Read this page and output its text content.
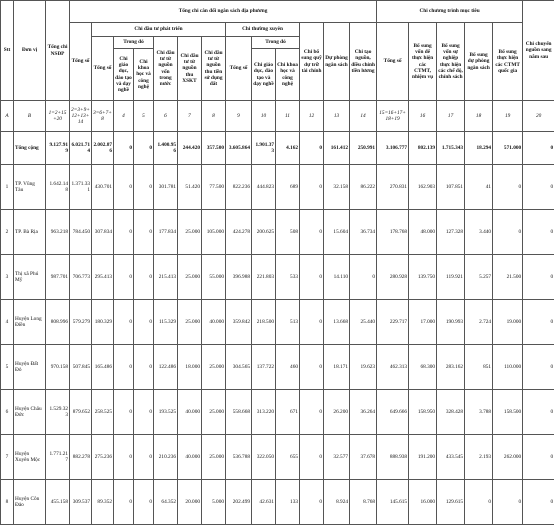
Stt	Đơn vị	Tổng chi NSĐP	Tổng chi cân đối ngân sách địa phương													Chi chương trình mục tiêu					Chi chuyển nguồn sang năm sau
			Tổng số	Chi đầu tư phát triển						Chi thường xuyên			Chi bổ sung quỹ dự trữ tài chính	Dự phòng ngân sách	Chi tạo nguồn, điều chỉnh tiền lương	Tổng số	Bổ sung vốn để thực hiện các CTMT, nhiệm vụ	Bổ sung vốn sự nghiệp thực hiện các chế độ, chính sách	Bổ sung dự phòng ngân sách	Bổ sung thực hiện các CTMT quốc gia	
				Tổng số	Trong đó		Chi đầu tư từ nguồn vốn trong nước	Chi đầu tư từ nguồn thu XSKT	Chi đầu tư từ nguồn thu tiền sử dụng đất	Tổng số	Trong đó										
					Chi giáo dục, đào tạo và dạy nghề	Chi khoa học và công nghệ					Chi giáo dục, đào tạo và dạy nghề	Chi khoa học và công nghệ									
A	B	1=2+15+20	2=3+9+12+13+14	3=6+7+8	4	5	6	7	8	9	10	11	12	13	14	15=16+17+18+19	16	17	18	19	20
	Tổng cộng	9.127.919	6.021.714	2.002.876	0	0	1.400.956	244.420	357.500	3.605.864	1.901.373	4.162	0	161.412	250.991	3.106.777	802.139	1.715.343	18.294	571.000	0
1	TP. Vũng Tàu	1.642.148	1.371.331	430.701	0	0	301.781	51.420	77.500	822.236	444.823	689	0	32.158	86.222	270.831	162.903	107.851	41	0	0
2	TP. Bà Rịa	963.218	784.450	307.834	0	0	177.834	25.000	105.000	424.278	200.625	508	0	15.604	36.734	178.768	48.000	127.328	3.440	0	0
3	Thị xã Phú Mỹ	987.701	706.773	295.413	0	0	215.413	25.000	55.000	396.988	221.803	533	0	14.110	0	280.928	139.750	119.921	5.257	21.500	0
4	Huyện Long Điền	808.996	579.279	180.329	0	0	115.329	25.000	40.000	359.842	218.500	513	0	13.668	25.440	229.717	17.000	190.993	2.724	19.000	0
5	Huyện Đất Đỏ	970.158	507.845	165.486	0	0	122.486	18.000	25.000	304.565	137.722	460	0	18.171	19.623	462.313	68.300	283.162	851	110.000	0
6	Huyện Châu Đức	1.529.323	879.652	258.525	0	0	193.525	40.000	25.000	558.668	313.220	671	0	26.200	36.264	649.666	158.950	328.428	3.788	158.500	0
7	Huyện Xuyên Mộc	1.771.217	882.278	275.236	0	0	210.236	40.000	25.000	536.788	322.050	655	0	32.577	37.678	888.938	191.200	433.545	2.193	262.000	0
8	Huyện Côn Đảo	455.158	309.537	89.352	0	0	64.352	20.000	5.000	202.499	42.631	133	0	8.924	8.768	145.615	16.000	129.615	0	0	0
